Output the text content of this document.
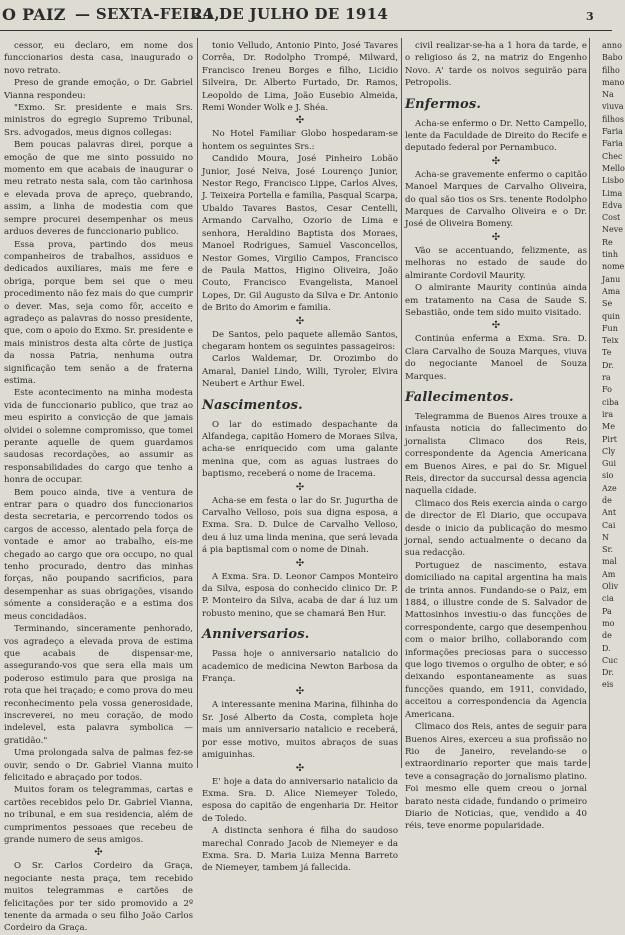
O PAIZ — SEXTA-FEIRA,
24 DE JULHO DE 1914	3

cessor, eu declaro, em nome dos funccionarios desta casa, inaugurado o novo retrato.

Preso de grande emoção, o Dr. Gabriel Vianna respondeu:

"Exmo. Sr. presidente e mais Srs. ministros do egregio Supremo Tribunal, Srs. advogados, meus dignos collegas:

Bem poucas palavras direi, porque a emoção de que me sinto possuido no momento em que acabais de inaugurar o meu retrato nesta sala, com tão carinhosa e elevada prova de apreço, quebrando, assim, a linha de modestia com que sempre procurei desempenhar os meus arduos deveres de funccionario publico.

Essa prova, partindo dos meus companheiros de trabalhos, assiduos e dedicados auxiliares, mais me fere e obriga, porque bem sei que o meu procedimento não fez mais do que cumprir o dever. Mas, seja como fôr, acceito e agradeço as palavras do nosso presidente, que, com o apoio do Exmo. Sr. presidente e mais ministros desta alta côrte de justiça da nossa Patria, nenhuma outra significação tem senão a de fraterna estima.

Este acontecimento na minha modesta vida de funccionario publico, que traz ao meu espirito a convicção de que jamais olvidei o solemne compromisso, que tomei perante aquelle de quem guardamos saudosas recordações, ao assumir as responsabilidades do cargo que tenho a honra de occupar.

Bem pouco ainda, tive a ventura de entrar para o quadro dos funccionarios desta secretaria, e percorrendo todos os cargos de accesso, alentado pela força de vontade e amor ao trabalho, eis-me chegado ao cargo que ora occupo, no qual tenho procurado, dentro das minhas forças, não poupando sacrificios, para desempenhar as suas obrigações, visando sómente a consideração e a estima dos meus concidadãos.

Terminando, sinceramente penhorado, vos agradeço a elevada prova de estima que acabais de dispensar-me, assegurando-vos que sera ella mais um poderoso estimulo para que prosiga na rota que hei traçado; e como prova do meu reconhecimento pela vossa generosidade, inscreverei, no meu coração, de modo indelevel, esta palavra symbolica — gratidão."

Uma prolongada salva de palmas fez-se ouvir, sendo o Dr. Gabriel Vianna muito felicitado e abraçado por todos.

Muitos foram os telegrammas, cartas e cartões recebidos pelo Dr. Gabriel Vianna, no tribunal, e em sua residencia, além de cumprimentos pessoaes que recebeu de grande numero de seus amigos.

✣

O Sr. Carlos Cordeiro da Graça, negociante nesta praça, tem recebido muitos telegrammas e cartões de felicitações por ter sido promovido a 2º tenente da armada o seu filho João Carlos Cordeiro da Graça.

tonio Velludo, Antonio Pinto, José Tavares Corrêa, Dr. Rodolpho Trompé, Milward, Francisco Ireneu Borges e filho, Licidio Silveira, Dr. Alberto Furtado, Dr. Ramos, Leopoldo de Lima, João Eusebio Almeida, Remi Wonder Wolk e J. Shéa.

✣

No Hotel Familiar Globo hospedaram-se hontem os seguintes Srs.:

Candido Moura, José Pinheiro Lobão Junior, José Neiva, José Lourenço Junior, Nestor Rego, Francisco Lippe, Carlos Alves, J. Teixeira Portella e familia, Pasqual Scarpa, Ubaldo Tavares Bastos, Cesar Centelli, Armando Carvalho, Ozorio de Lima e senhora, Heraldino Baptista dos Moraes, Manoel Rodrigues, Samuel Vasconcellos, Nestor Gomes, Virgilio Campos, Francisco de Paula Mattos, Higino Oliveira, João Couto, Francisco Evangelista, Manoel Lopes, Dr. Gil Augusto da Silva e Dr. Antonio de Brito do Amorim e familia.

✣

De Santos, pelo paquete allemão Santos, chegaram hontem os seguintes passageiros:

Carlos Waldemar, Dr. Orozimbo do Amaral, Daniel Lindo, Willi, Tyroler, Elvira Neubert e Arthur Ewel.

Nascimentos.

O lar do estimado despachante da Alfandega, capitão Homero de Moraes Silva, acha-se enriquecido com uma galante menina que, com as aguas lustraes do baptismo, receberá o nome de Iracema.

✣

Acha-se em festa o lar do Sr. Jugurtha de Carvalho Velloso, pois sua digna esposa, a Exma. Sra. D. Dulce de Carvalho Velloso, deu á luz uma linda menina, que será levada á pia baptismal com o nome de Dinah.

✣

A Exma. Sra. D. Leonor Campos Monteiro da Silva, esposa do conhecido clinico Dr. P. P. Monteiro da Silva, acaba de dar á luz um robusto menino, que se chamará Ben Hur.

Anniversarios.

Passa hoje o anniversario natalicio do academico de medicina Newton Barbosa da França.

✣

A interessante menina Marina, filhinha do Sr. José Alberto da Costa, completa hoje mais um anniversario natalicio e receberá, por esse motivo, muitos abraços de suas amiguinhas.

✣

E' hoje a data do anniversario natalicio da Exma. Sra. D. Alice Niemeyer Toledo, esposa do capitão de engenharia Dr. Heitor de Toledo.

A distincta senhora é filha do saudoso marechal Conrado Jacob de Niemeyer e da Exma. Sra. D. Maria Luiza Menna Barreto de Niemeyer, tambem já fallecida.

civil realizar-se-ha a 1 hora da tarde, e o religioso ás 2, na matriz do Engenho Novo. A' tarde os noivos seguirão para Petropolis.

Enfermos.

Acha-se enfermo o Dr. Netto Campello, lente da Faculdade de Direito do Recife e deputado federal por Pernambuco.

✣

Acha-se gravemente enfermo o capitão Manoel Marques de Carvalho Oliveira, do qual são tios os Srs. tenente Rodolpho Marques de Carvalho Oliveira e o Dr. José de Oliveira Bomeny.

✣

Vão se accentuando, felizmente, as melhoras no estado de saude do almirante Cordovil Maurity.

O almirante Maurity continúa ainda em tratamento na Casa de Saude S. Sebastião, onde tem sido muito visitado.

✣

Continúa enferma a Exma. Sra. D. Clara Carvalho de Souza Marques, viuva do negociante Manoel de Souza Marques.

Fallecimentos.

Telegramma de Buenos Aires trouxe a infausta noticia do fallecimento do jornalista Climaco dos Reis, correspondente da Agencia Americana em Buenos Aires, e pai do Sr. Miguel Reis, director da succursal dessa agencia naquella cidade.

Climaco dos Reis exercia ainda o cargo de director de El Diario, que occupava desde o inicio da publicação do mesmo jornal, sendo actualmente o decano da sua redacção.

Portuguez de nascimento, estava domiciliado na capital argentina ha mais de trinta annos. Fundando-se o Paiz, em 1884, o illustre conde de S. Salvador de Mattosinhos investiu-o das funcções de correspondente, cargo que desempenhou com o maior brilho, collaborando com informações preciosas para o successo que logo tivemos o orgulho de obter, e só deixando espontaneamente as suas funcções quando, em 1911, convidado, acceitou a correspondencia da Agencia Americana.

Climaco dos Reis, antes de seguir para Buenos Aires, exerceu a sua profissão no Rio de Janeiro, revelando-se o extraordinario reporter que mais tarde teve a consagração do jornalismo platino. Foi mesmo elle quem creou o jornal barato nesta cidade, fundando o primeiro Diario de Noticias, que, vendido a 40 réis, teve enorme popularidade.

anno

Babo

filho

mano

Na

viuva

filhos

Faria

Faria

Chec

Mello

Lisbo

Lima

Edva

Cost

Neve

Re

tinh

nome

Janu

Ama

Se

quin

Fun

Teix

Te

Dr.

ra

Fo

ciba

ira

Me

Pirt

Cly

Gui

sio

Aze

de

Ant

Cai

N

Sr.

mal

Am

Oliv

cia

Pa

mo

de

D.

Cuc

Dr.

eis
